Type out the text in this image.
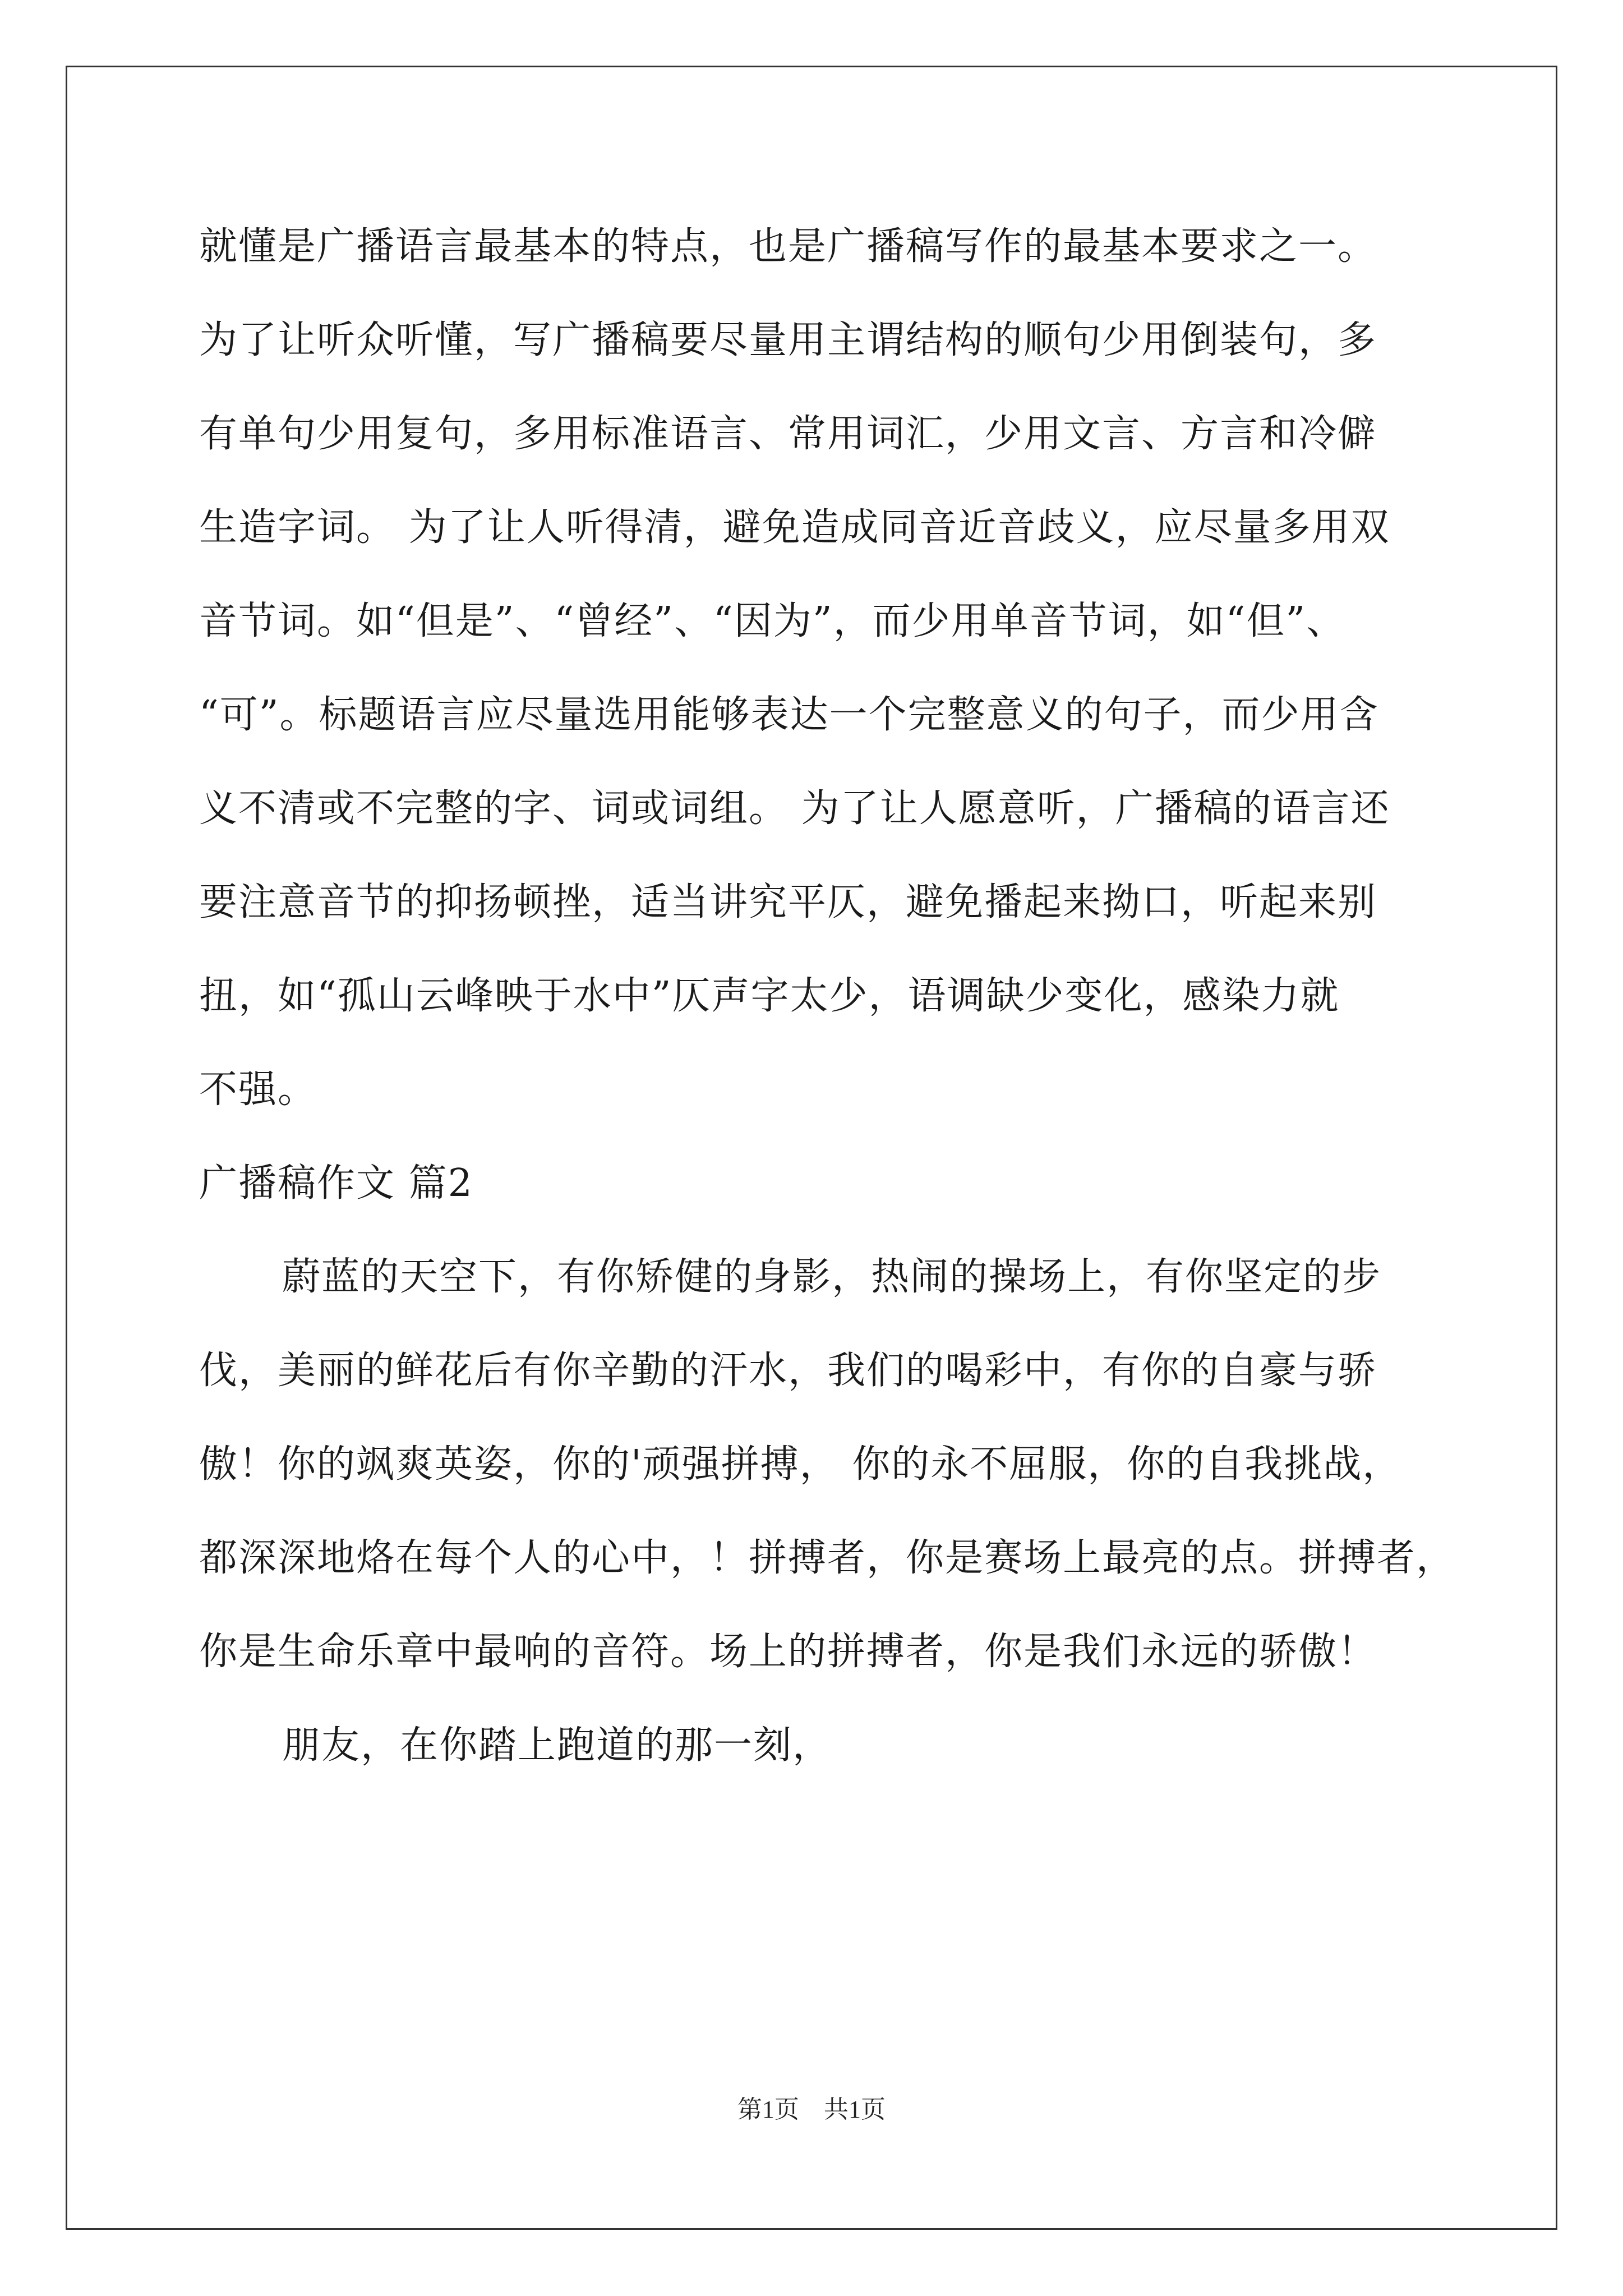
就懂是广播语言最基本的特点，也是广播稿写作的最基本要求之一。
为了让听众听懂，写广播稿要尽量用主谓结构的顺句少用倒装句，多
有单句少用复句，多用标准语言、常用词汇，少用文言、方言和冷僻
生造字词。 为了让人听得清，避免造成同音近音歧义，应尽量多用双
音节词。如“但是”、“曾经”、“因为”，而少用单音节词，如“但”、
“可”。标题语言应尽量选用能够表达一个完整意义的句子，而少用含
义不清或不完整的字、词或词组。 为了让人愿意听，广播稿的语言还
要注意音节的抑扬顿挫，适当讲究平仄，避免播起来拗口，听起来别
扭，如“孤山云峰映于水中”仄声字太少，语调缺少变化，感染力就
不强。
广播稿作文 篇2
蔚蓝的天空下，有你矫健的身影，热闹的操场上，有你坚定的步
伐，美丽的鲜花后有你辛勤的汗水，我们的喝彩中，有你的自豪与骄
傲！你的飒爽英姿，你的'顽强拼搏， 你的永不屈服，你的自我挑战，
都深深地烙在每个人的心中，！拼搏者，你是赛场上最亮的点。拼搏者，
你是生命乐章中最响的音符。场上的拼搏者，你是我们永远的骄傲！
朋友，在你踏上跑道的那一刻，
第1页　共1页
